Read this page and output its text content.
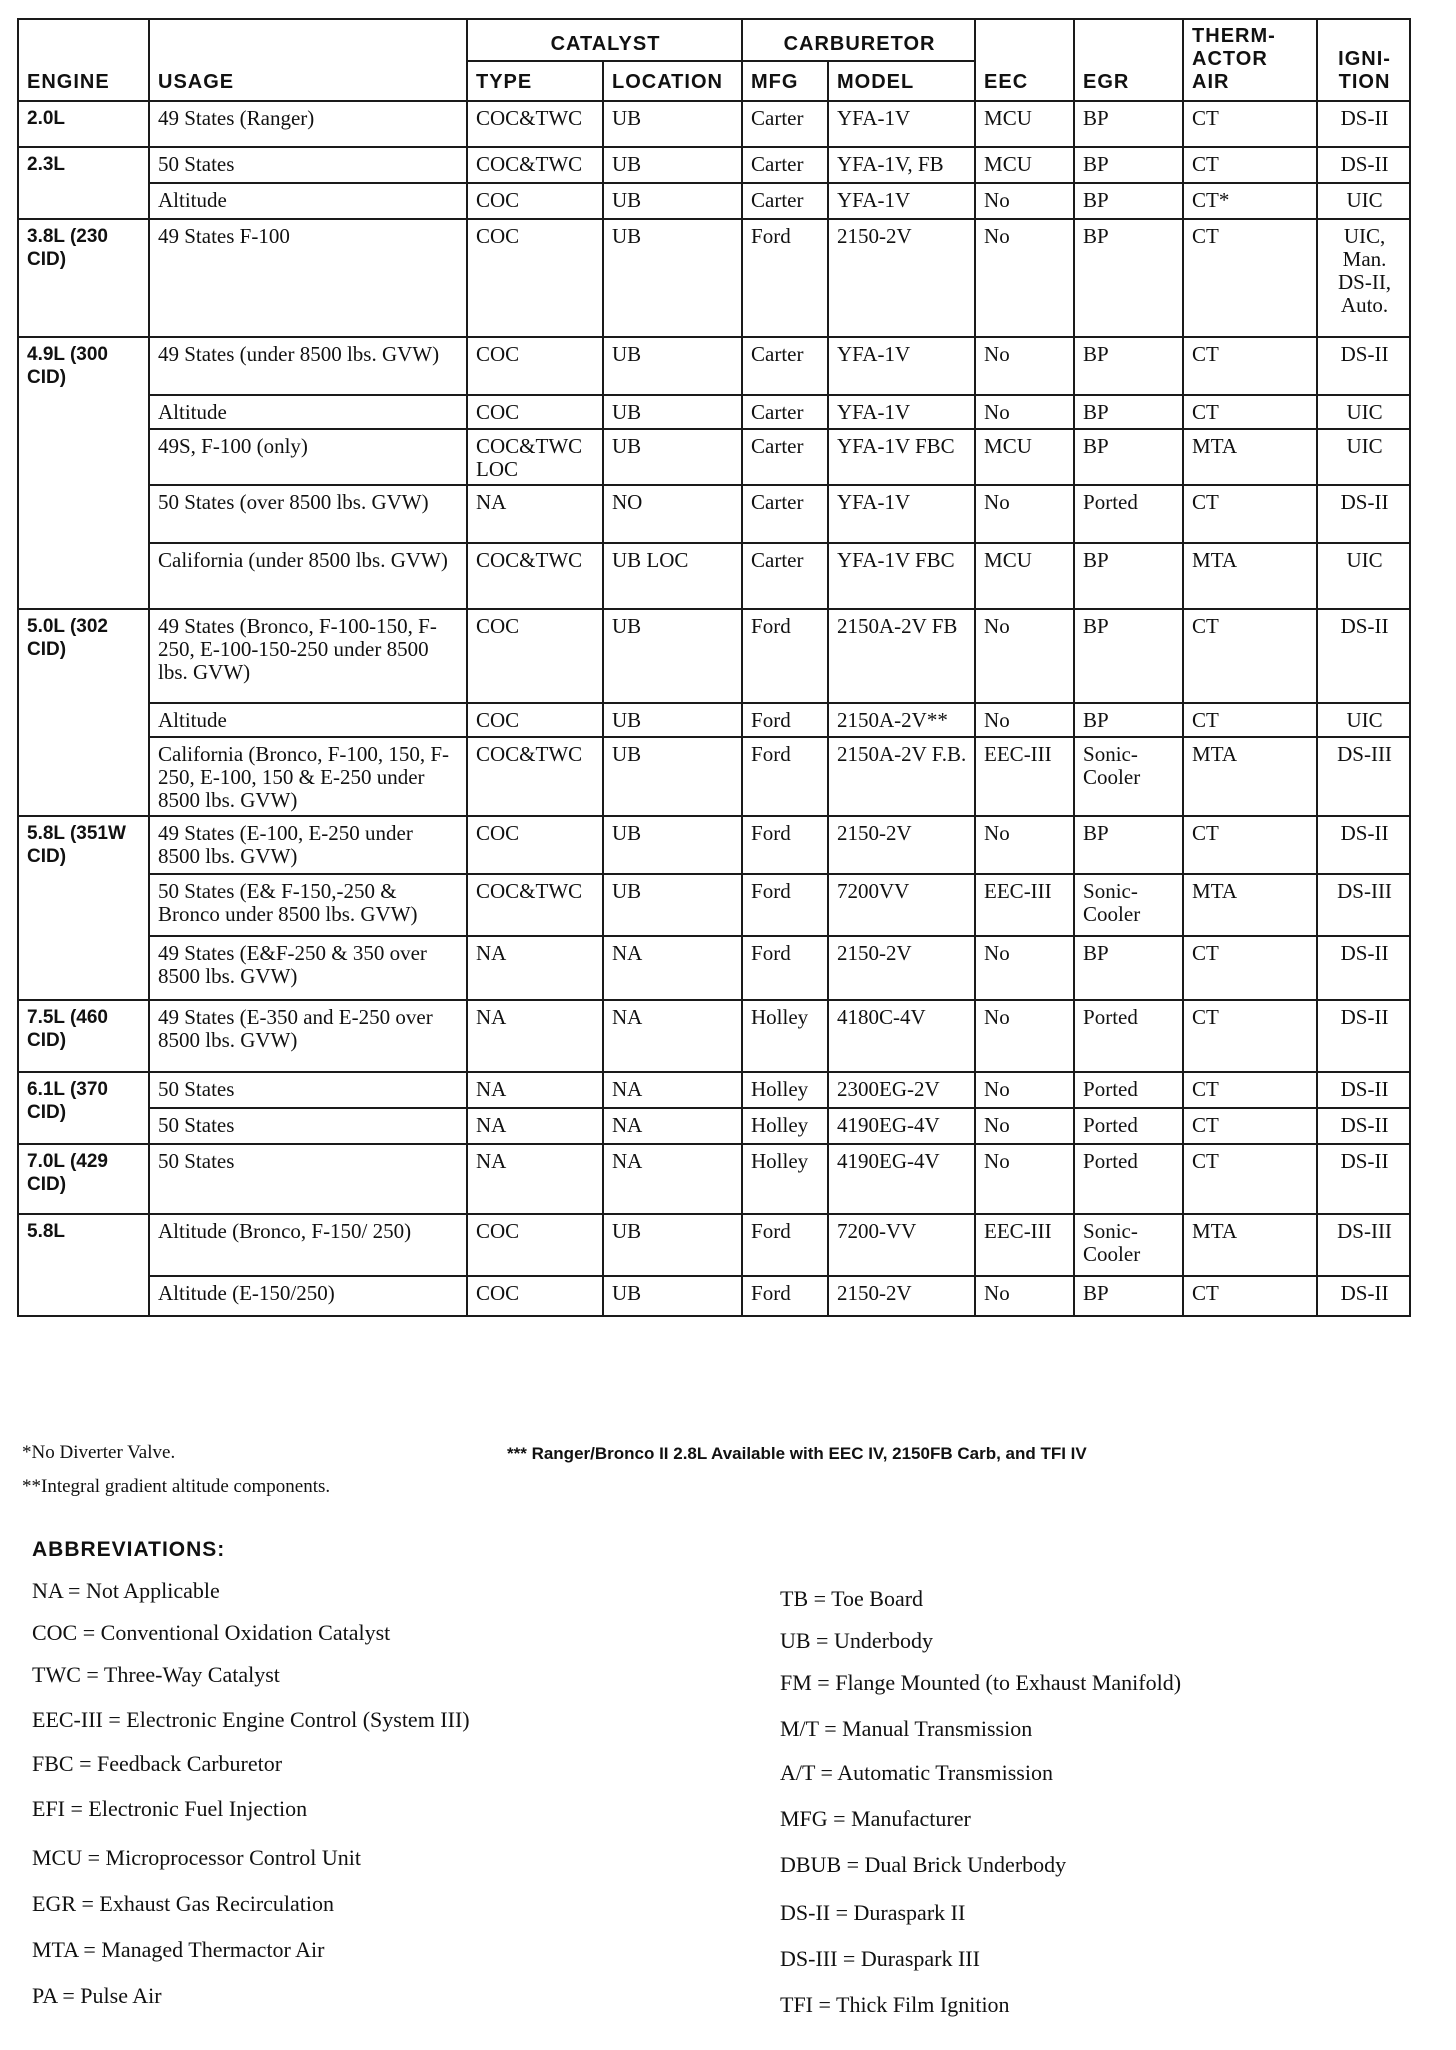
ENGINE	USAGE	CATALYST		CARBURETOR		EEC	EGR	THERM-ACTOR AIR	IGNI-TION
		TYPE	LOCATION	MFG	MODEL				
2.0L	49 States (Ranger)	COC&TWC	UB	Carter	YFA-1V	MCU	BP	CT	DS-II
2.3L	50 States	COC&TWC	UB	Carter	YFA-1V, FB	MCU	BP	CT	DS-II
	Altitude	COC	UB	Carter	YFA-1V	No	BP	CT*	UIC
3.8L (230 CID)	49 States F-100	COC	UB	Ford	2150-2V	No	BP	CT	UIC, Man. DS-II, Auto.
4.9L (300 CID)	49 States (under 8500 lbs. GVW)	COC	UB	Carter	YFA-1V	No	BP	CT	DS-II
	Altitude	COC	UB	Carter	YFA-1V	No	BP	CT	UIC
	49S, F-100 (only)	COC&TWC LOC	UB	Carter	YFA-1V FBC	MCU	BP	MTA	UIC
	50 States (over 8500 lbs. GVW)	NA	NO	Carter	YFA-1V	No	Ported	CT	DS-II
	California (under 8500 lbs. GVW)	COC&TWC	UB LOC	Carter	YFA-1V FBC	MCU	BP	MTA	UIC
5.0L (302 CID)	49 States (Bronco, F-100-150, F-250, E-100-150-250 under 8500 lbs. GVW)	COC	UB	Ford	2150A-2V FB	No	BP	CT	DS-II
	Altitude	COC	UB	Ford	2150A-2V**	No	BP	CT	UIC
	California (Bronco, F-100, 150, F-250, E-100, 150 & E-250 under 8500 lbs. GVW)	COC&TWC	UB	Ford	2150A-2V F.B.	EEC-III	Sonic-Cooler	MTA	DS-III
5.8L (351W CID)	49 States (E-100, E-250 under 8500 lbs. GVW)	COC	UB	Ford	2150-2V	No	BP	CT	DS-II
	50 States (E& F-150,-250 & Bronco under 8500 lbs. GVW)	COC&TWC	UB	Ford	7200VV	EEC-III	Sonic-Cooler	MTA	DS-III
	49 States (E&F-250 & 350 over 8500 lbs. GVW)	NA	NA	Ford	2150-2V	No	BP	CT	DS-II
7.5L (460 CID)	49 States (E-350 and E-250 over 8500 lbs. GVW)	NA	NA	Holley	4180C-4V	No	Ported	CT	DS-II
6.1L (370 CID)	50 States	NA	NA	Holley	2300EG-2V	No	Ported	CT	DS-II
	50 States	NA	NA	Holley	4190EG-4V	No	Ported	CT	DS-II
7.0L (429 CID)	50 States	NA	NA	Holley	4190EG-4V	No	Ported	CT	DS-II
5.8L	Altitude (Bronco, F-150/ 250)	COC	UB	Ford	7200-VV	EEC-III	Sonic-Cooler	MTA	DS-III
	Altitude (E-150/250)	COC	UB	Ford	2150-2V	No	BP	CT	DS-II
*No Diverter Valve.
**Integral gradient altitude components.
*** Ranger/Bronco II 2.8L Available with EEC IV, 2150FB Carb, and TFI IV
ABBREVIATIONS:
NA = Not Applicable
COC = Conventional Oxidation Catalyst
TWC = Three-Way Catalyst
EEC-III = Electronic Engine Control (System III)
FBC = Feedback Carburetor
EFI = Electronic Fuel Injection
MCU = Microprocessor Control Unit
EGR = Exhaust Gas Recirculation
MTA = Managed Thermactor Air
PA = Pulse Air
TB = Toe Board
UB = Underbody
FM = Flange Mounted (to Exhaust Manifold)
M/T = Manual Transmission
A/T = Automatic Transmission
MFG = Manufacturer
DBUB = Dual Brick Underbody
DS-II = Duraspark II
DS-III = Duraspark III
TFI = Thick Film Ignition
